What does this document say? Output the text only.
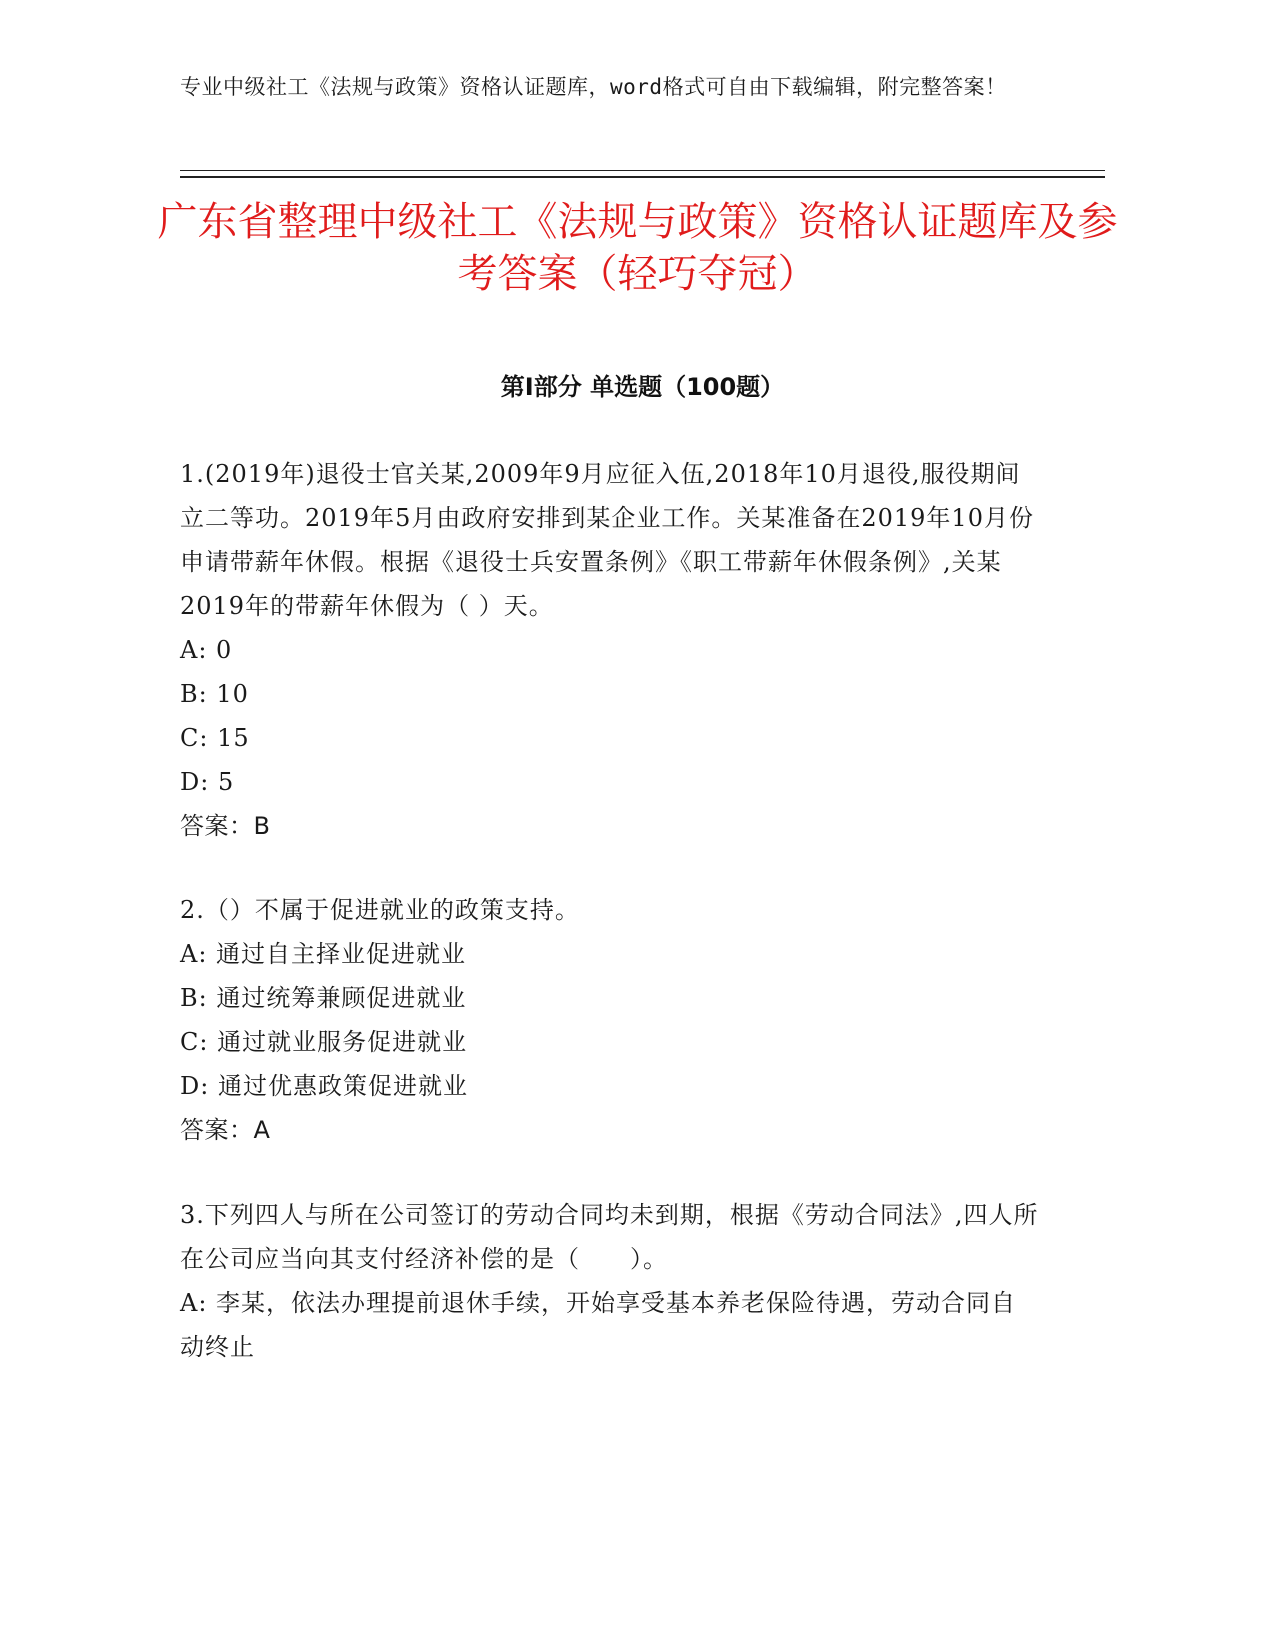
专业中级社工《法规与政策》资格认证题库，word格式可自由下载编辑，附完整答案！
广东省整理中级社工《法规与政策》资格认证题库及参考答案（轻巧夺冠）
第Ⅰ部分 单选题（100题）

1.(2019年)退役士官关某,2009年9月应征入伍,2018年10月退役,服役期间立二等功。2019年5月由政府安排到某企业工作。关某准备在2019年10月份申请带薪年休假。根据《退役士兵安置条例》《职工带薪年休假条例》,关某2019年的带薪年休假为（ ）天。

A: 0

B: 10

C: 15

D: 5

答案：B

2.（）不属于促进就业的政策支持。

A: 通过自主择业促进就业

B: 通过统筹兼顾促进就业

C: 通过就业服务促进就业

D: 通过优惠政策促进就业

答案：A

3.下列四人与所在公司签订的劳动合同均未到期，根据《劳动合同法》,四人所在公司应当向其支付经济补偿的是（　　）。

A: 李某，依法办理提前退休手续，开始享受基本养老保险待遇，劳动合同自动终止
